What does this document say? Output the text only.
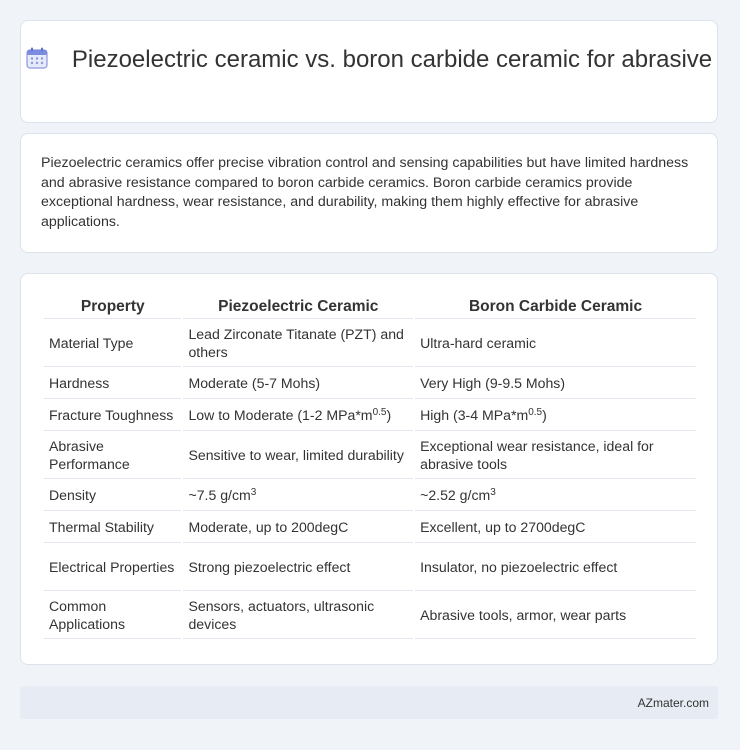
Piezoelectric ceramic vs. boron carbide ceramic for abrasive
Piezoelectric ceramics offer precise vibration control and sensing capabilities but have limited hardness and abrasive resistance compared to boron carbide ceramics. Boron carbide ceramics provide exceptional hardness, wear resistance, and durability, making them highly effective for abrasive applications.
Property	Piezoelectric Ceramic	Boron Carbide Ceramic
Material Type	Lead Zirconate Titanate (PZT) and others	Ultra-hard ceramic
Hardness	Moderate (5-7 Mohs)	Very High (9-9.5 Mohs)
Fracture Toughness	Low to Moderate (1-2 $MPa*m^{0.5}$)	High (3-4 $MPa*m^{0.5}$)
Abrasive Performance	Sensitive to wear, limited durability	Exceptional wear resistance, ideal for abrasive tools
Density	~7.5 $g/cm^3$	~2.52 $g/cm^3$
Thermal Stability	Moderate, up to 200degC	Excellent, up to 2700degC
Electrical Properties	Strong piezoelectric effect	Insulator, no piezoelectric effect
Common Applications	Sensors, actuators, ultrasonic devices	Abrasive tools, armor, wear parts
AZmater.com
